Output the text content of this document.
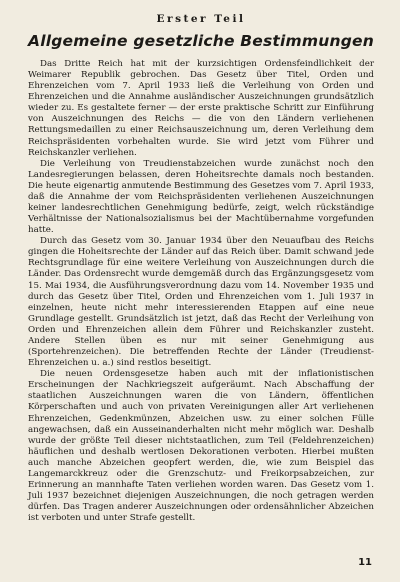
Erster Teil
Allgemeine gesetzliche Bestimmungen

Das Dritte Reich hat mit der kurzsichtigen Ordensfeindlichkeit der Weimarer Republik gebrochen. Das Gesetz über Titel, Orden und Ehrenzeichen vom 7. April 1933 ließ die Verleihung von Orden und Ehrenzeichen und die Annahme ausländischer Auszeichnungen grundsätzlich wieder zu. Es gestaltete ferner — der erste praktische Schritt zur Einführung von Auszeichnungen des Reichs — die von den Ländern verliehenen Rettungsmedaillen zu einer Reichsauszeichnung um, deren Verleihung dem Reichspräsidenten vorbehalten wurde. Sie wird jetzt vom Führer und Reichskanzler verliehen.

Die Verleihung von Treudienstabzeichen wurde zunächst noch den Landesregierungen belassen, deren Hoheitsrechte damals noch bestanden. Die heute eigenartig anmutende Bestimmung des Gesetzes vom 7. April 1933, daß die Annahme der vom Reichspräsidenten verliehenen Auszeichnungen keiner landesrechtlichen Genehmigung bedürfe, zeigt, welch rückständige Verhältnisse der Nationalsozialismus bei der Machtübernahme vorgefunden hatte.

Durch das Gesetz vom 30. Januar 1934 über den Neuaufbau des Reichs gingen die Hoheitsrechte der Länder auf das Reich über. Damit schwand jede Rechtsgrundlage für eine weitere Verleihung von Auszeichnungen durch die Länder. Das Ordensrecht wurde demgemäß durch das Ergänzungsgesetz vom 15. Mai 1934, die Ausführungsverordnung dazu vom 14. November 1935 und durch das Gesetz über Titel, Orden und Ehrenzeichen vom 1. Juli 1937 in einzelnen, heute nicht mehr interessierenden Etappen auf eine neue Grundlage gestellt. Grundsätzlich ist jetzt, daß das Recht der Verleihung von Orden und Ehrenzeichen allein dem Führer und Reichskanzler zusteht. Andere Stellen üben es nur mit seiner Genehmigung aus (Sportehrenzeichen). Die betreffenden Rechte der Länder (Treudienst-Ehrenzeichen u. a.) sind restlos beseitigt.

Die neuen Ordensgesetze haben auch mit der inflationistischen Erscheinungen der Nachkriegszeit aufgeräumt. Nach Abschaffung der staatlichen Auszeichnungen waren die von Ländern, öffentlichen Körperschaften und auch von privaten Vereinigungen aller Art verliehenen Ehrenzeichen, Gedenkmünzen, Abzeichen usw. zu einer solchen Fülle angewachsen, daß ein Ausseinanderhalten nicht mehr möglich war. Deshalb wurde der größte Teil dieser nichtstaatlichen, zum Teil (Feldehrenzeichen) häuflichen und deshalb wertlosen Dekorationen verboten. Hierbei mußten auch manche Abzeichen geopfert werden, die, wie zum Beispiel das Langemarckkreuz oder die Grenzschutz- und Freikorpsabzeichen, zur Erinnerung an mannhafte Taten verliehen worden waren. Das Gesetz vom 1. Juli 1937 bezeichnet diejenigen Auszeichnungen, die noch getragen werden dürfen. Das Tragen anderer Auszeichnungen oder ordensähnlicher Abzeichen ist verboten und unter Strafe gestellt.

11
